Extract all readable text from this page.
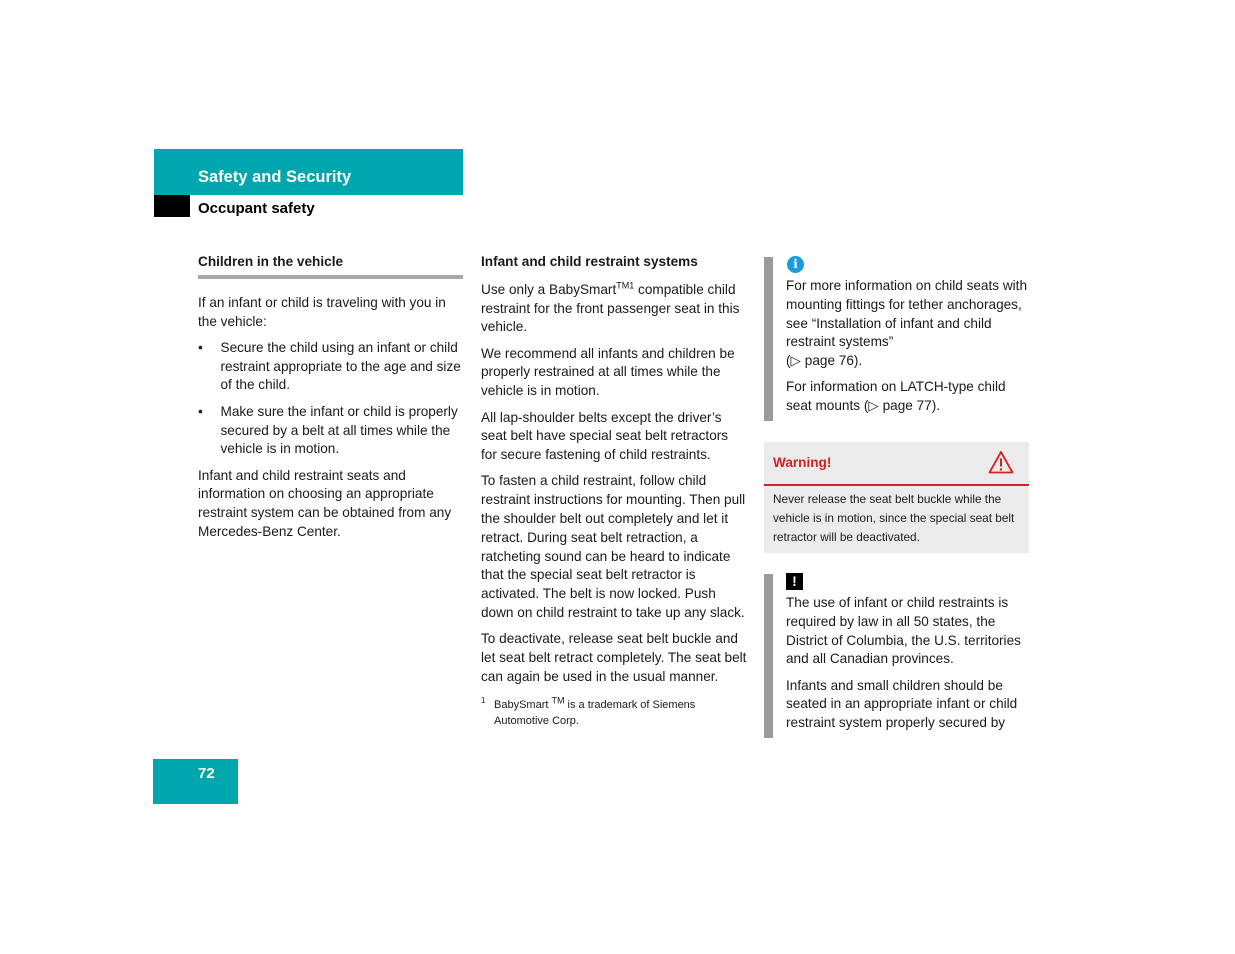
Safety and Security
Occupant safety
Children in the vehicle

If an infant or child is traveling with you in the vehicle:

• Secure the child using an infant or child restraint appropriate to the age and size of the child.
• Make sure the infant or child is properly secured by a belt at all times while the vehicle is in motion.

Infant and child restraint seats and information on choosing an appropriate restraint system can be obtained from any Mercedes-Benz Center.

Infant and child restraint systems

Use only a BabySmart$^{TM1}$ compatible child restraint for the front passenger seat in this vehicle.

We recommend all infants and children be properly restrained at all times while the vehicle is in motion.

All lap-shoulder belts except the driver’s seat belt have special seat belt retractors for secure fastening of child restraints.

To fasten a child restraint, follow child restraint instructions for mounting. Then pull the shoulder belt out completely and let it retract. During seat belt retraction, a ratcheting sound can be heard to indicate that the special seat belt retractor is activated. The belt is now locked. Push down on child restraint to take up any slack.

To deactivate, release seat belt buckle and let seat belt retract completely. The seat belt can again be used in the usual manner.

1 BabySmart ™ is a trademark of Siemens Automotive Corp.
i

For more information on child seats with mounting fittings for tether anchorages, see “Installation of infant and child restraint systems”
(▷ page 76).

For information on LATCH-type child seat mounts (▷ page 77).

Warning!
Never release the seat belt buckle while the vehicle is in motion, since the special seat belt retractor will be deactivated.
!

The use of infant or child restraints is required by law in all 50 states, the District of Columbia, the U.S. territories and all Canadian provinces.

Infants and small children should be seated in an appropriate infant or child restraint system properly secured by

72
